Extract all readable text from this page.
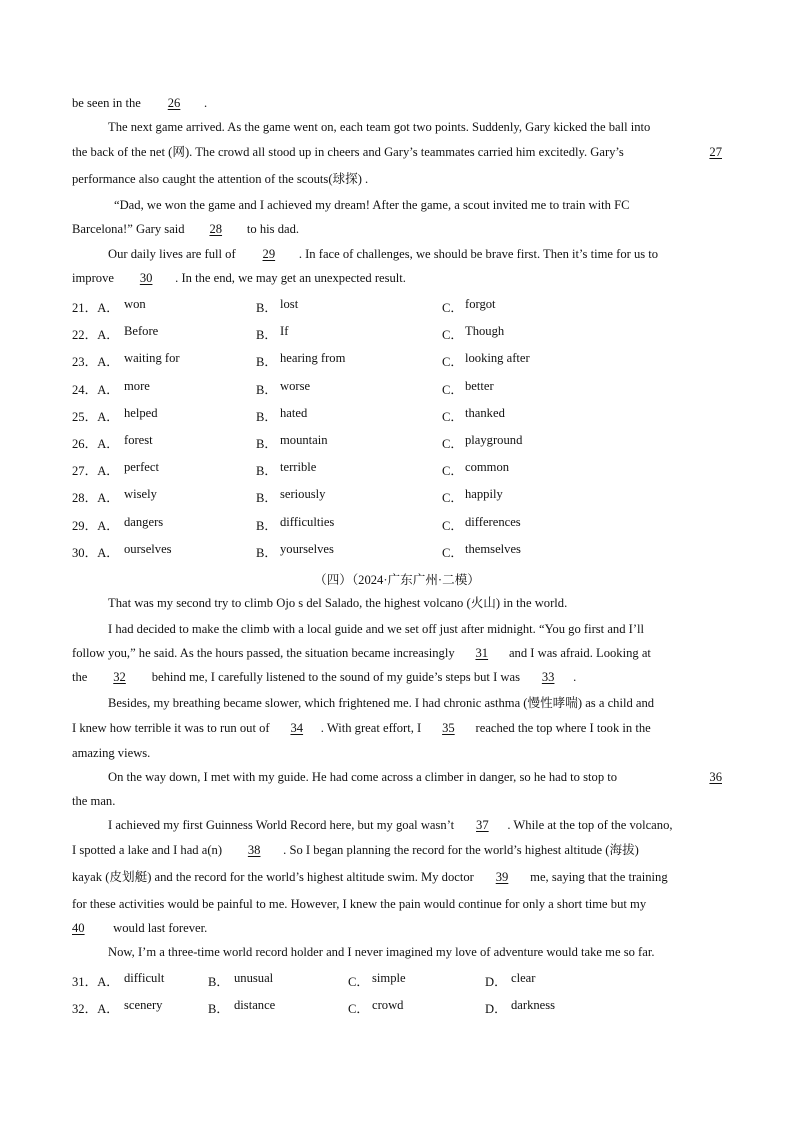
be seen in the 26 .
The next game arrived. As the game went on, each team got two points. Suddenly, Gary kicked the ball into
the back of the net (网). The crowd all stood up in cheers and Gary’s teammates carried him excitedly. Gary’s	27
performance also caught the attention of the scouts(球探) .
“Dad, we won the game and I achieved my dream! After the game, a scout invited me to train with FC
Barcelona!” Gary said 28 to his dad.
Our daily lives are full of 29 . In face of challenges, we should be brave first. Then it’s time for us to
improve 30 . In the end, we may get an unexpected result.
21．A． won	B． lost	C． forgot
22．A． Before	B． If	C． Though
23．A． waiting for	B． hearing from	C． looking after
24．A． more	B． worse	C． better
25．A． helped	B． hated	C． thanked
26．A． forest	B． mountain	C． playground
27．A． perfect	B． terrible	C． common
28．A． wisely	B． seriously	C． happily
29．A． dangers	B． difficulties	C． differences
30．A． ourselves	B． yourselves	C． themselves
（四）（2024·广东广州·二模）
That was my second try to climb Ojo s del Salado, the highest volcano (火山) in the world.
I had decided to make the climb with a local guide and we set off just after midnight. “You go first and I’ll
follow you,” he said. As the hours passed, the situation became increasingly 31 and I was afraid. Looking at
the 32 behind me, I carefully listened to the sound of my guide’s steps but I was 33 .
Besides, my breathing became slower, which frightened me. I had chronic asthma (慢性哮喘) as a child and
I knew how terrible it was to run out of 34 . With great effort, I 35 reached the top where I took in the
amazing views.
On the way down, I met with my guide. He had come across a climber in danger, so he had to stop to	36
the man.
I achieved my first Guinness World Record here, but my goal wasn’t 37 . While at the top of the volcano,
I spotted a lake and I had a(n) 38 . So I began planning the record for the world’s highest altitude (海拔)
kayak (皮划艇) and the record for the world’s highest altitude swim. My doctor 39 me, saying that the training
for these activities would be painful to me. However, I knew the pain would continue for only a short time but my
40 would last forever.
Now, I’m a three-time world record holder and I never imagined my love of adventure would take me so far.
31．A． difficult	B． unusual	C． simple	D． clear
32．A． scenery	B． distance	C． crowd	D． darkness
